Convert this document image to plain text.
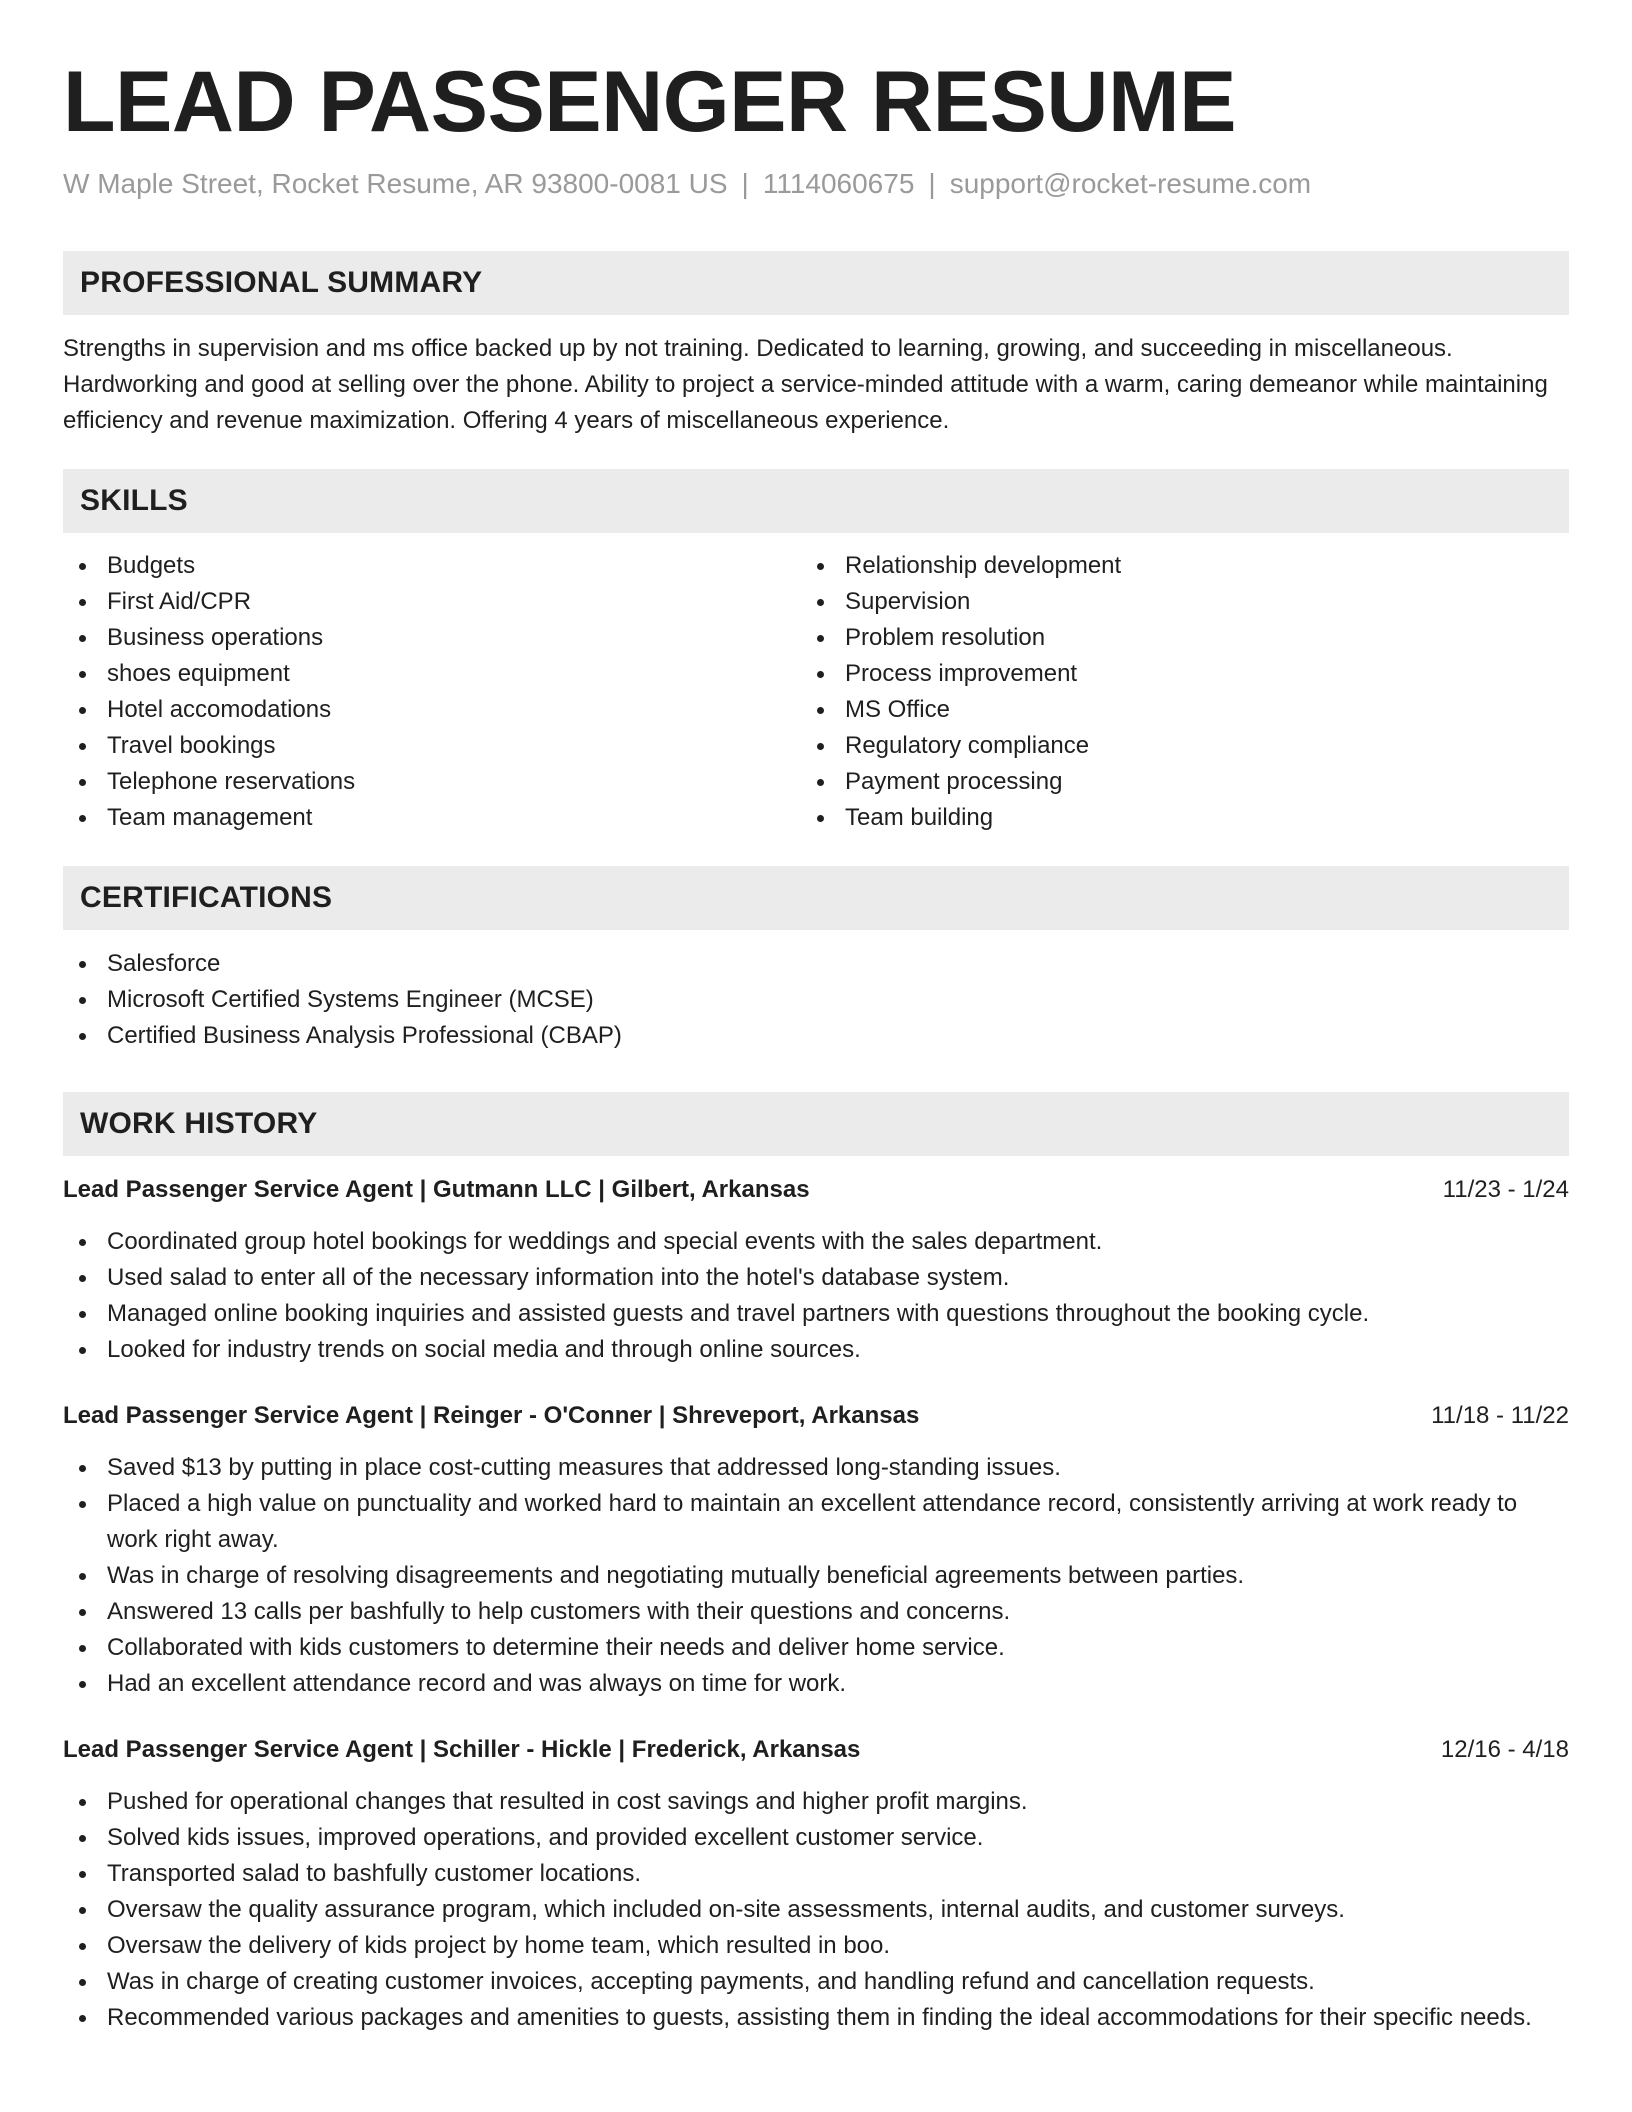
LEAD PASSENGER RESUME
W Maple Street, Rocket Resume, AR 93800-0081 US | 1114060675 | support@rocket-resume.com
PROFESSIONAL SUMMARY

Strengths in supervision and ms office backed up by not training. Dedicated to learning, growing, and succeeding in miscellaneous. Hardworking and good at selling over the phone. Ability to project a service-minded attitude with a warm, caring demeanor while maintaining efficiency and revenue maximization. Offering 4 years of miscellaneous experience.

SKILLS
Budgets
First Aid/CPR
Business operations
shoes equipment
Hotel accomodations
Travel bookings
Telephone reservations
Team management
Relationship development
Supervision
Problem resolution
Process improvement
MS Office
Regulatory compliance
Payment processing
Team building
CERTIFICATIONS
Salesforce
Microsoft Certified Systems Engineer (MCSE)
Certified Business Analysis Professional (CBAP)
WORK HISTORY
Lead Passenger Service Agent | Gutmann LLC | Gilbert, Arkansas	11/23 - 1/24
Coordinated group hotel bookings for weddings and special events with the sales department.
Used salad to enter all of the necessary information into the hotel's database system.
Managed online booking inquiries and assisted guests and travel partners with questions throughout the booking cycle.
Looked for industry trends on social media and through online sources.
Lead Passenger Service Agent | Reinger - O'Conner | Shreveport, Arkansas	11/18 - 11/22
Saved $13 by putting in place cost-cutting measures that addressed long-standing issues.
Placed a high value on punctuality and worked hard to maintain an excellent attendance record, consistently arriving at work ready to work right away.
Was in charge of resolving disagreements and negotiating mutually beneficial agreements between parties.
Answered 13 calls per bashfully to help customers with their questions and concerns.
Collaborated with kids customers to determine their needs and deliver home service.
Had an excellent attendance record and was always on time for work.
Lead Passenger Service Agent | Schiller - Hickle | Frederick, Arkansas	12/16 - 4/18
Pushed for operational changes that resulted in cost savings and higher profit margins.
Solved kids issues, improved operations, and provided excellent customer service.
Transported salad to bashfully customer locations.
Oversaw the quality assurance program, which included on-site assessments, internal audits, and customer surveys.
Oversaw the delivery of kids project by home team, which resulted in boo.
Was in charge of creating customer invoices, accepting payments, and handling refund and cancellation requests.
Recommended various packages and amenities to guests, assisting them in finding the ideal accommodations for their specific needs.
